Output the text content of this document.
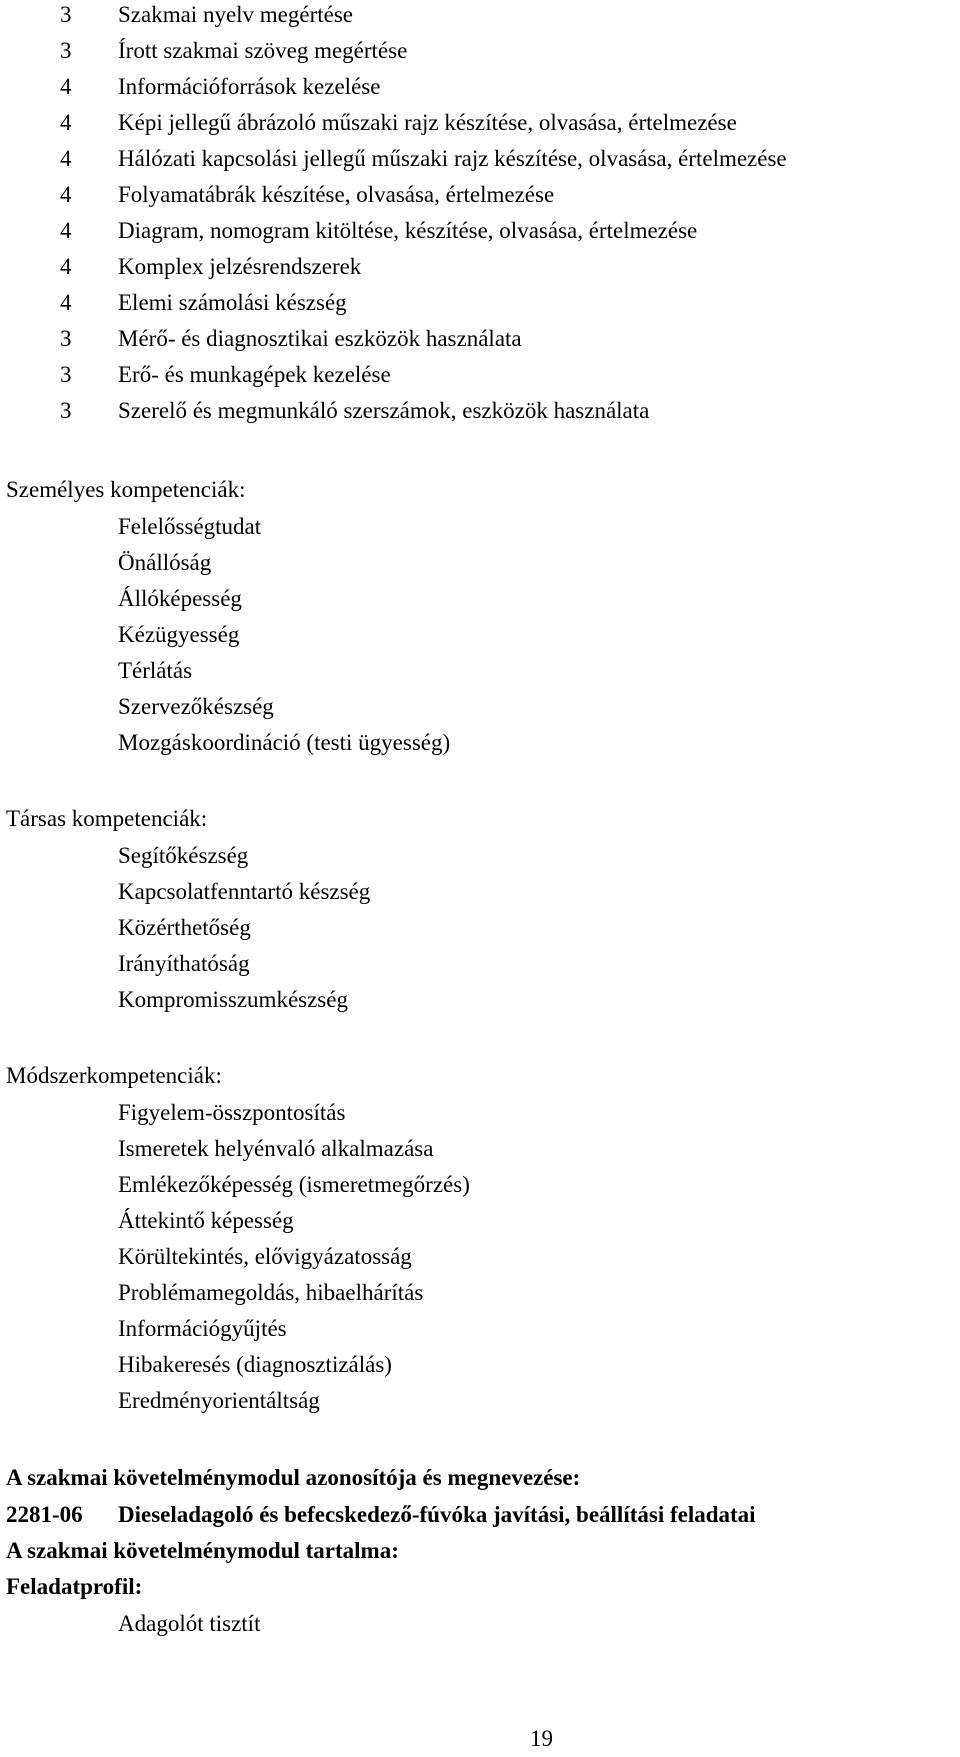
3	Szakmai nyelv megértése
3	Írott szakmai szöveg megértése
4	Információforrások kezelése
4	Képi jellegű ábrázoló műszaki rajz készítése, olvasása, értelmezése
4	Hálózati kapcsolási jellegű műszaki rajz készítése, olvasása, értelmezése
4	Folyamatábrák készítése, olvasása, értelmezése
4	Diagram, nomogram kitöltése, készítése, olvasása, értelmezése
4	Komplex jelzésrendszerek
4	Elemi számolási készség
3	Mérő- és diagnosztikai eszközök használata
3	Erő- és munkagépek kezelése
3	Szerelő és megmunkáló szerszámok, eszközök használata
Személyes kompetenciák:
Felelősségtudat
Önállóság
Állóképesség
Kézügyesség
Térlátás
Szervezőkészség
Mozgáskoordináció (testi ügyesség)
Társas kompetenciák:
Segítőkészség
Kapcsolatfenntartó készség
Közérthetőség
Irányíthatóság
Kompromisszumkészség
Módszerkompetenciák:
Figyelem-összpontosítás
Ismeretek helyénvaló alkalmazása
Emlékezőképesség (ismeretmegőrzés)
Áttekintő képesség
Körültekintés, elővigyázatosság
Problémamegoldás, hibaelhárítás
Információgyűjtés
Hibakeresés (diagnosztizálás)
Eredményorientáltság
A szakmai követelménymodul azonosítója és megnevezése:
2281-06 Dieseladagoló és befecskedező-fúvóka javítási, beállítási feladatai
A szakmai követelménymodul tartalma:
Feladatprofil:
Adagolót tisztít
19
